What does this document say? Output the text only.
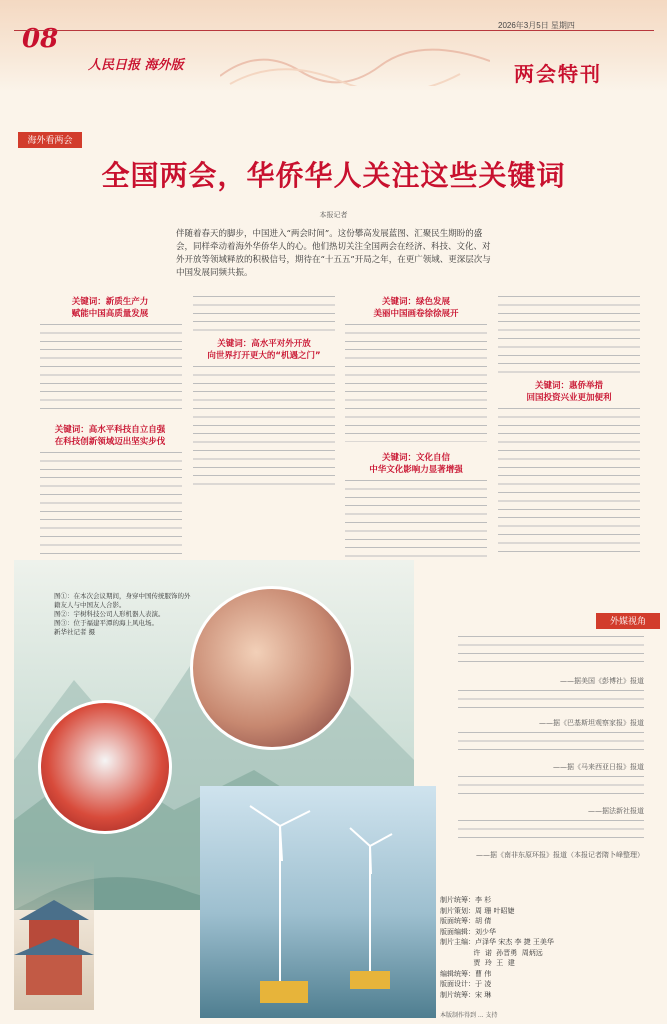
08	2026年3月5日 星期四
人民日报 海外版	两会特刊
海外看两会
全国两会，华侨华人关注这些关键词
本报记者
伴随着春天的脚步，中国进入“两会时间”。这份攀高发展蓝图、汇聚民生期盼的盛会，同样牵动着海外华侨华人的心。他们热切关注全国两会在经济、科技、文化、对外开放等领域释放的积极信号，期待在“十五五”开局之年，在更广领域、更深层次与中国发展同频共振。
关键词：新质生产力
赋能中国高质量发展
关键词：高水平科技自立自强
在科技创新领域迈出坚实步伐
关键词：高水平对外开放
向世界打开更大的“机遇之门”
关键词：绿色发展
美丽中国画卷徐徐展开
关键词：文化自信
中华文化影响力显著增强
关键词：惠侨举措
回国投资兴业更加便利
图①：在本次会议期间，身穿中国传统服饰的外籍友人与中国友人合影。
图②：宇树科技公司人形机器人表演。
图③：位于福建平潭的海上风电场。
新华社记者 摄
外媒视角
——据美国《彭博社》报道
——据《巴基斯坦观察家报》报道
——据《马来西亚日报》报道
——据法新社报道
——据《南非东原环报》报道（本报记者隋卜峰整理）
制片统筹：李 杉
制片策划：周 珊 叶昭婕
版面统筹：胡 倩
版面编辑：刘少华
制片主编：卢泽华 宋杰 李 捷 王美华
许  诺  孙晋勇  周炳远
贾  玲  王  建
编辑统筹：曹 伟
版面设计：于 凌
制片统筹：宋 琳
本版制作得到 ... 支持
